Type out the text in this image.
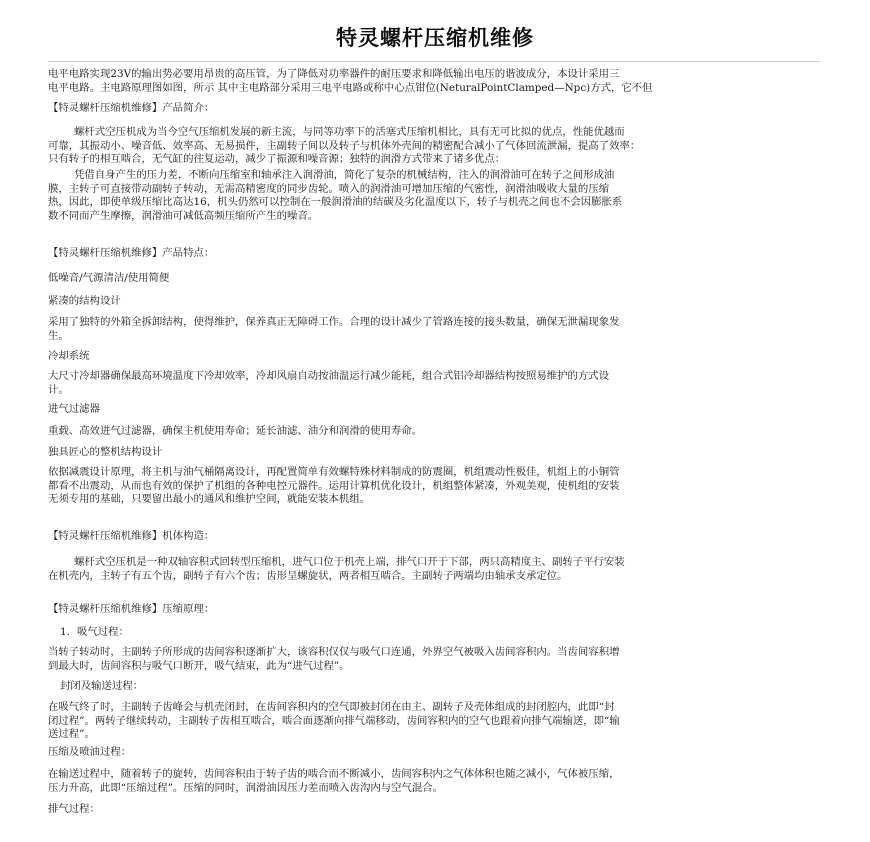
特灵螺杆压缩机维修

电平电路实现23V的输出势必要用昂贵的高压管，为了降低对功率器件的耐压要求和降低输出电压的谐波成分，本设计采用三
电平电路。主电路原理图如图，所示 其中主电路部分采用三电平电路或称中心点钳位(NeturalPointClamped—Npc)方式，它不但

【特灵螺杆压缩机维修】产品简介：

螺杆式空压机成为当今空气压缩机发展的新主流，与同等功率下的活塞式压缩机相比，具有无可比拟的优点，性能优越而
可靠，其振动小、噪音低、效率高、无易损件，主副转子间以及转子与机体外壳间的精密配合减小了气体回流泄漏，提高了效率：
只有转子的相互啮合，无气缸的往复运动，减少了振源和噪音源；独特的润滑方式带来了诸多优点：

凭借自身产生的压力差，不断向压缩室和轴承注入润滑油，简化了复杂的机械结构，注入的润滑油可在转子之间形成油
膜，主转子可直接带动副转子转动，无需高精密度的同步齿轮。喷入的润滑油可增加压缩的气密性，润滑油吸收大量的压缩
热，因此，即使单级压缩比高达16，机头仍然可以控制在一般润滑油的结碳及劣化温度以下，转子与机壳之间也不会因膨胀系
数不同而产生摩擦，润滑油可减低高频压缩所产生的噪音。

【特灵螺杆压缩机维修】产品特点：

低噪音/气源清洁/使用简便

紧凑的结构设计

采用了独特的外箱全拆卸结构，使得维护，保养真正无障碍工作。合理的设计减少了管路连接的接头数量，确保无泄漏现象发
生。

冷却系统

大尺寸冷却器确保最高环境温度下冷却效率，冷却风扇自动按油温运行减少能耗，组合式铝冷却器结构按照易维护的方式设
计。

进气过滤器

重载、高效进气过滤器，确保主机使用寿命；延长油滤、油分和润滑的使用寿命。

独具匠心的整机结构设计

依据减震设计原理，将主机与油气桶隔离设计，再配置简单有效螺特殊材料制成的防震圈，机组震动性极佳，机组上的小铜管
都看不出震动，从而也有效的保护了机组的各种电控元器件。运用计算机优化设计，机组整体紧凑，外观美观，使机组的安装
无须专用的基础，只要留出最小的通风和维护空间，就能安装本机组。

【特灵螺杆压缩机维修】机体构造：

螺杆式空压机是一种双轴容积式回转型压缩机，进气口位于机壳上端，排气口开于下部，两只高精度主、副转子平行安装
在机壳内，主转子有五个齿，副转子有六个齿；齿形呈螺旋状，两者相互啮合。主副转子两端均由轴承支承定位。

【特灵螺杆压缩机维修】压缩原理：

1．吸气过程：

当转子转动时，主副转子所形成的齿间容积逐渐扩大，该容积仅仅与吸气口连通，外界空气被吸入齿间容积内。当齿间容积增
到最大时，齿间容积与吸气口断开，吸气结束，此为“进气过程”。

封闭及输送过程：

在吸气终了时，主副转子齿峰会与机壳闭封，在齿间容积内的空气即被封闭在由主、副转子及壳体组成的封闭腔内，此即“封
闭过程”。两转子继续转动，主副转子齿相互啮合，啮合面逐渐向排气端移动，齿间容积内的空气也跟着向排气端输送，即“输
送过程”。

压缩及喷油过程：

在输送过程中，随着转子的旋转，齿间容积由于转子齿的啮合而不断减小，齿间容积内之气体体积也随之减小，气体被压缩，
压力升高，此即“压缩过程”。压缩的同时，润滑油因压力差而喷入齿沟内与空气混合。

排气过程：
